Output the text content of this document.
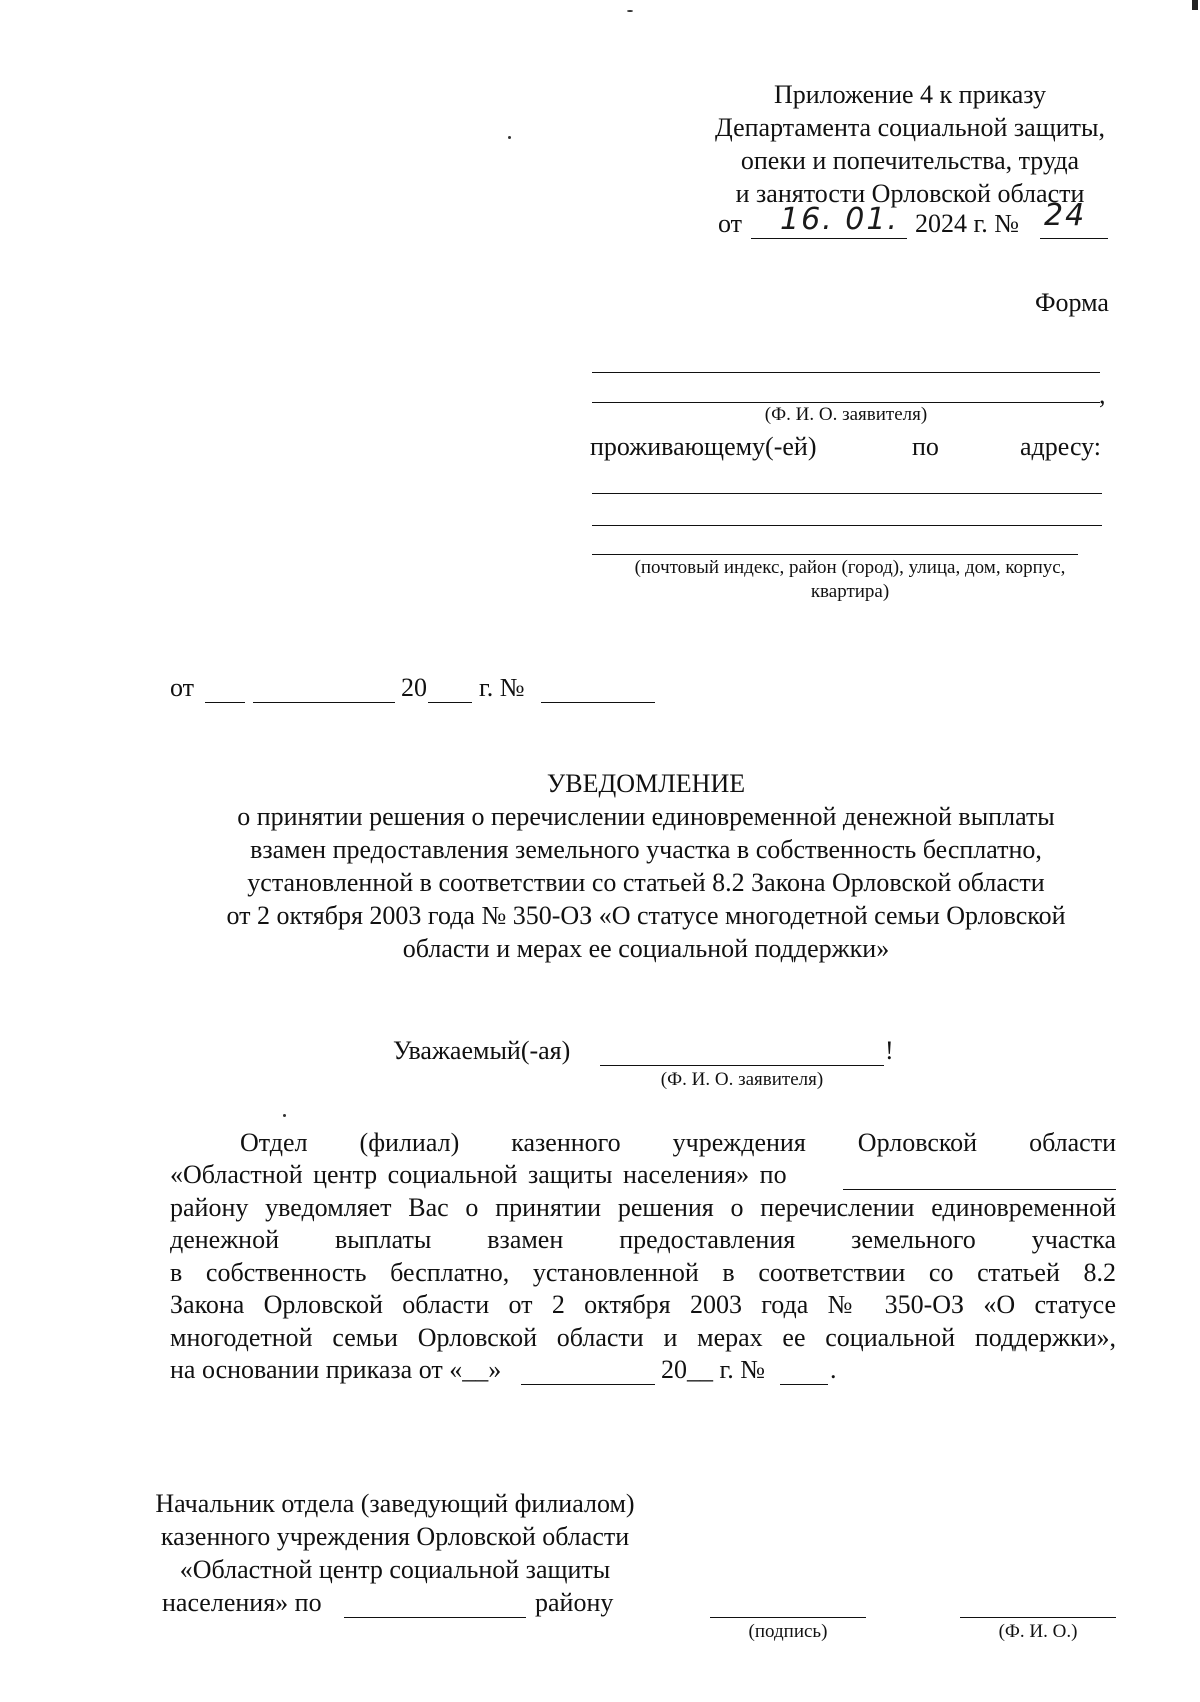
Приложение 4 к приказу
Департамента социальной защиты,
опеки и попечительства, труда
и занятости Орловской области
от 16. 01. 2024 г. № 24
Форма
,
(Ф. И. О. заявителя)
проживающему(-ей)	по	адресу:
(почтовый индекс, район (город), улица, дом, корпус,
квартира)
от	20 г. №
УВЕДОМЛЕНИЕ
о принятии решения о перечислении единовременной денежной выплаты
взамен предоставления земельного участка в собственность бесплатно,
установленной в соответствии со статьей 8.2 Закона Орловской области
от 2 октября 2003 года № 350-ОЗ «О статусе многодетной семьи Орловской
области и мерах ее социальной поддержки»
Уважаемый(-ая)	!
(Ф. И. О. заявителя)
Отдел (филиал) казенного учреждения Орловской области
«Областной центр социальной защиты населения» по
району уведомляет Вас о принятии решения о перечислении единовременной
денежной выплаты взамен предоставления земельного участка
в собственность бесплатно, установленной в соответствии со статьей 8.2
Закона Орловской области от 2 октября 2003 года № 350-ОЗ «О статусе
многодетной семьи Орловской области и мерах ее социальной поддержки»,
на основании приказа от «__»	20__ г. № .
Начальник отдела (заведующий филиалом)
казенного учреждения Орловской области
«Областной центр социальной защиты
населения» по	району
(подпись)	(Ф. И. О.)
